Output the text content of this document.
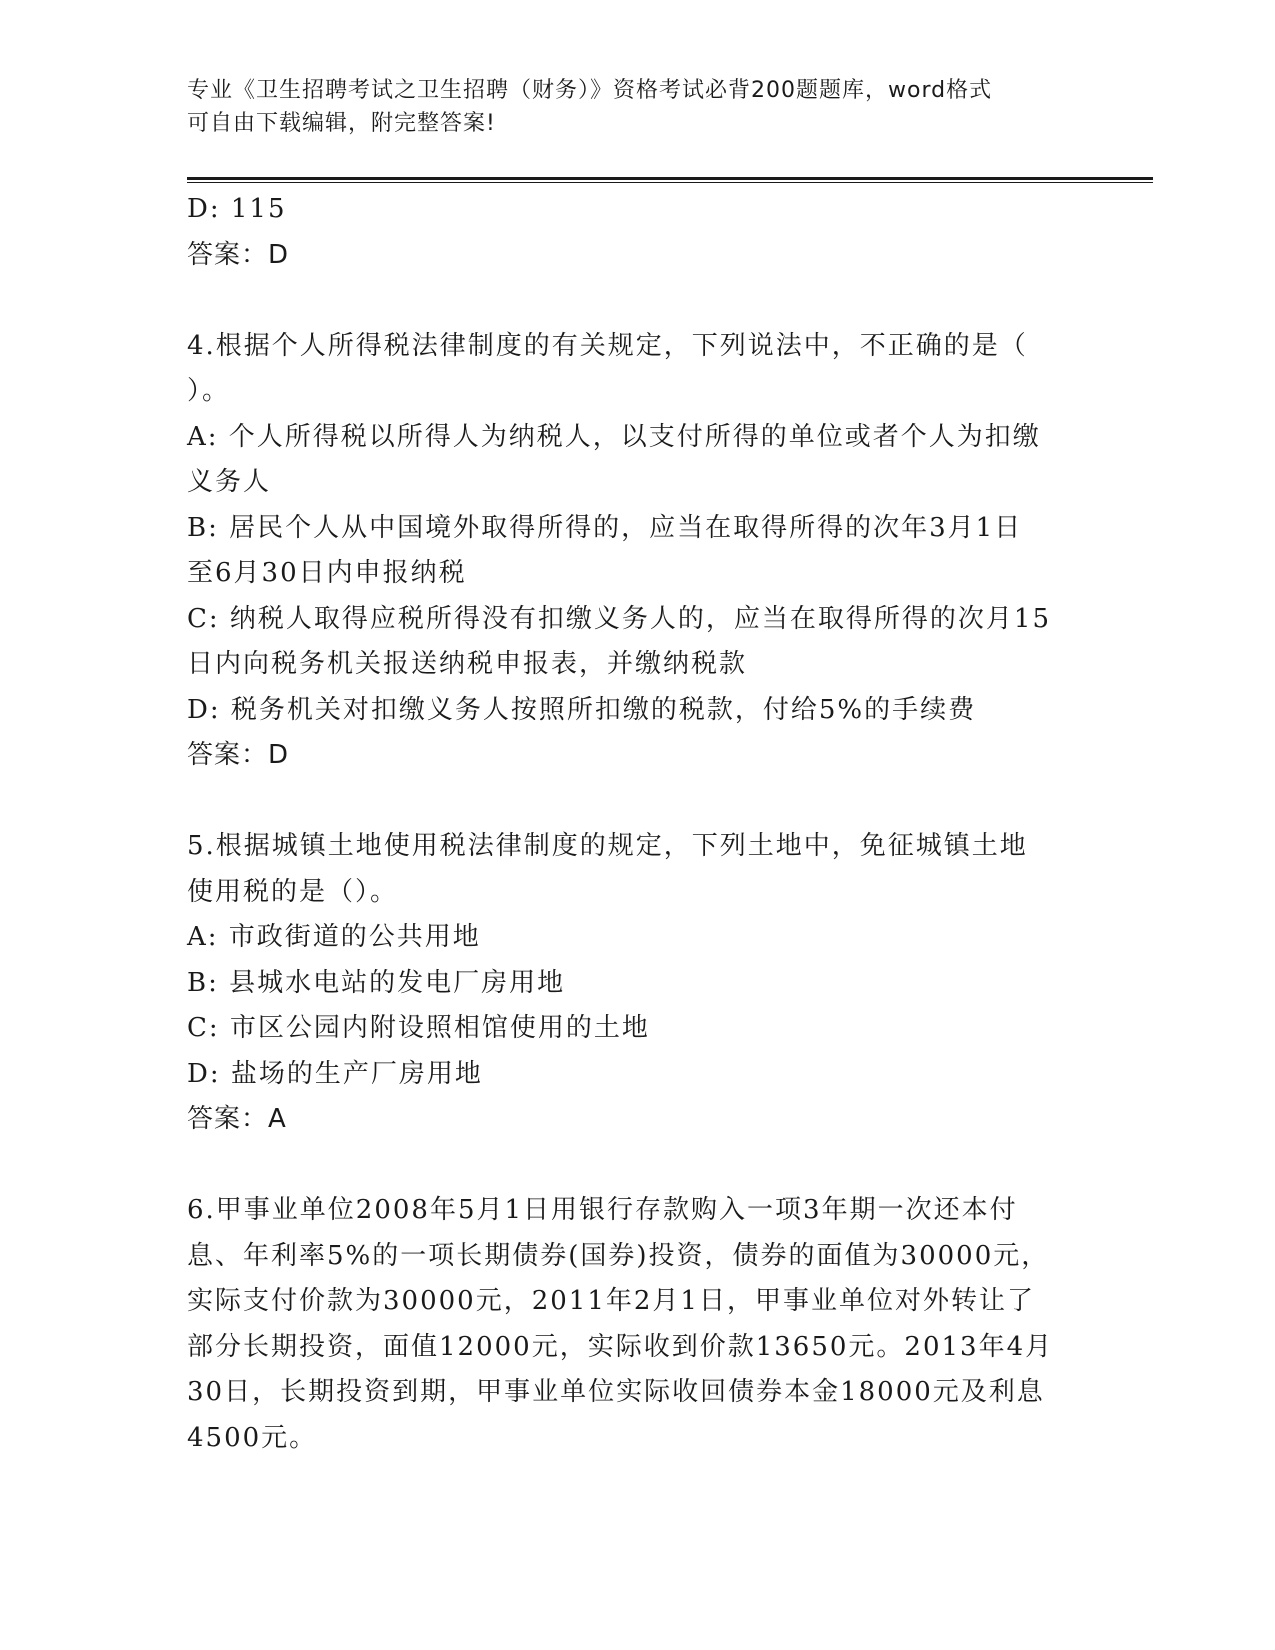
专业《卫生招聘考试之卫生招聘（财务）》资格考试必背200题题库，word格式
可自由下载编辑，附完整答案!
D: 115
答案：D
4.根据个人所得税法律制度的有关规定，下列说法中，不正确的是（
）。
A: 个人所得税以所得人为纳税人，以支付所得的单位或者个人为扣缴
义务人
B: 居民个人从中国境外取得所得的，应当在取得所得的次年3月1日
至6月30日内申报纳税
C: 纳税人取得应税所得没有扣缴义务人的，应当在取得所得的次月15
日内向税务机关报送纳税申报表，并缴纳税款
D: 税务机关对扣缴义务人按照所扣缴的税款，付给5%的手续费
答案：D
5.根据城镇土地使用税法律制度的规定，下列土地中，免征城镇土地
使用税的是（）。
A: 市政街道的公共用地
B: 县城水电站的发电厂房用地
C: 市区公园内附设照相馆使用的土地
D: 盐场的生产厂房用地
答案：A
6.甲事业单位2008年5月1日用银行存款购入一项3年期一次还本付
息、年利率5%的一项长期债券(国券)投资，债券的面值为30000元，
实际支付价款为30000元，2011年2月1日，甲事业单位对外转让了
部分长期投资，面值12000元，实际收到价款13650元。2013年4月
30日，长期投资到期，甲事业单位实际收回债券本金18000元及利息
4500元。
